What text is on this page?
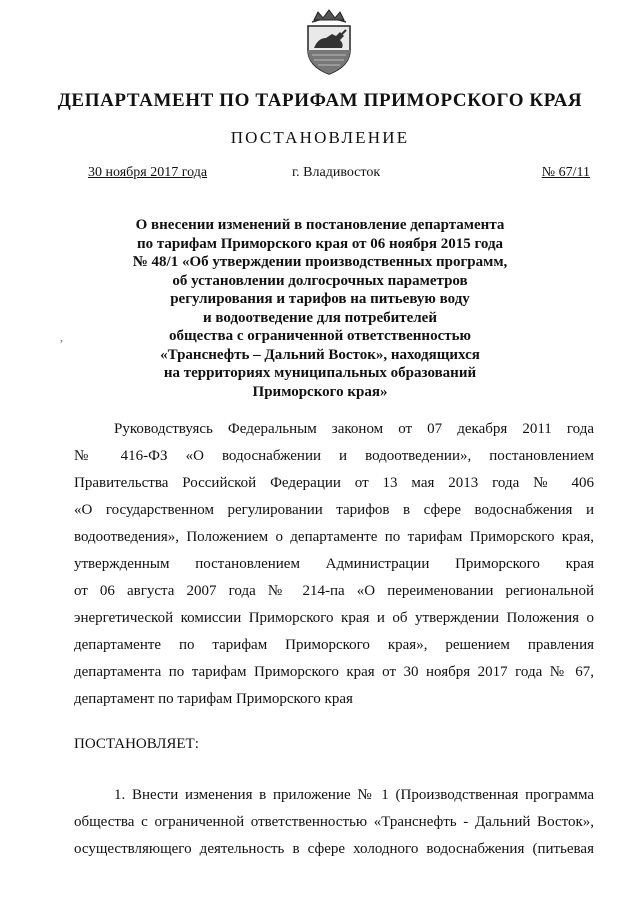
ДЕПАРТАМЕНТ ПО ТАРИФАМ ПРИМОРСКОГО КРАЯ
ПОСТАНОВЛЕНИЕ
30 ноября 2017 года	г. Владивосток	№ 67/11
О внесении изменений в постановление департамента
по тарифам Приморского края от 06 ноября 2015 года
№ 48/1 «Об утверждении производственных программ,
об установлении долгосрочных параметров
регулирования и тарифов на питьевую воду
и водоотведение для потребителей
общества с ограниченной ответственностью
«Транснефть – Дальний Восток», находящихся
на территориях муниципальных образований
Приморского края»
,
Руководствуясь Федеральным законом от 07 декабря 2011 года
№ 416-ФЗ «О водоснабжении и водоотведении», постановлением
Правительства Российской Федерации от 13 мая 2013 года № 406
«О государственном регулировании тарифов в сфере водоснабжения и
водоотведения», Положением о департаменте по тарифам Приморского края,
утвержденным постановлением Администрации Приморского края
от 06 августа 2007 года № 214-па «О переименовании региональной
энергетической комиссии Приморского края и об утверждении Положения о
департаменте по тарифам Приморского края», решением правления
департамента по тарифам Приморского края от 30 ноября 2017 года № 67,
департамент по тарифам Приморского края
ПОСТАНОВЛЯЕТ:
1. Внести изменения в приложение № 1 (Производственная программа
общества с ограниченной ответственностью «Транснефть - Дальний Восток»,
осуществляющего деятельность в сфере холодного водоснабжения (питьевая
